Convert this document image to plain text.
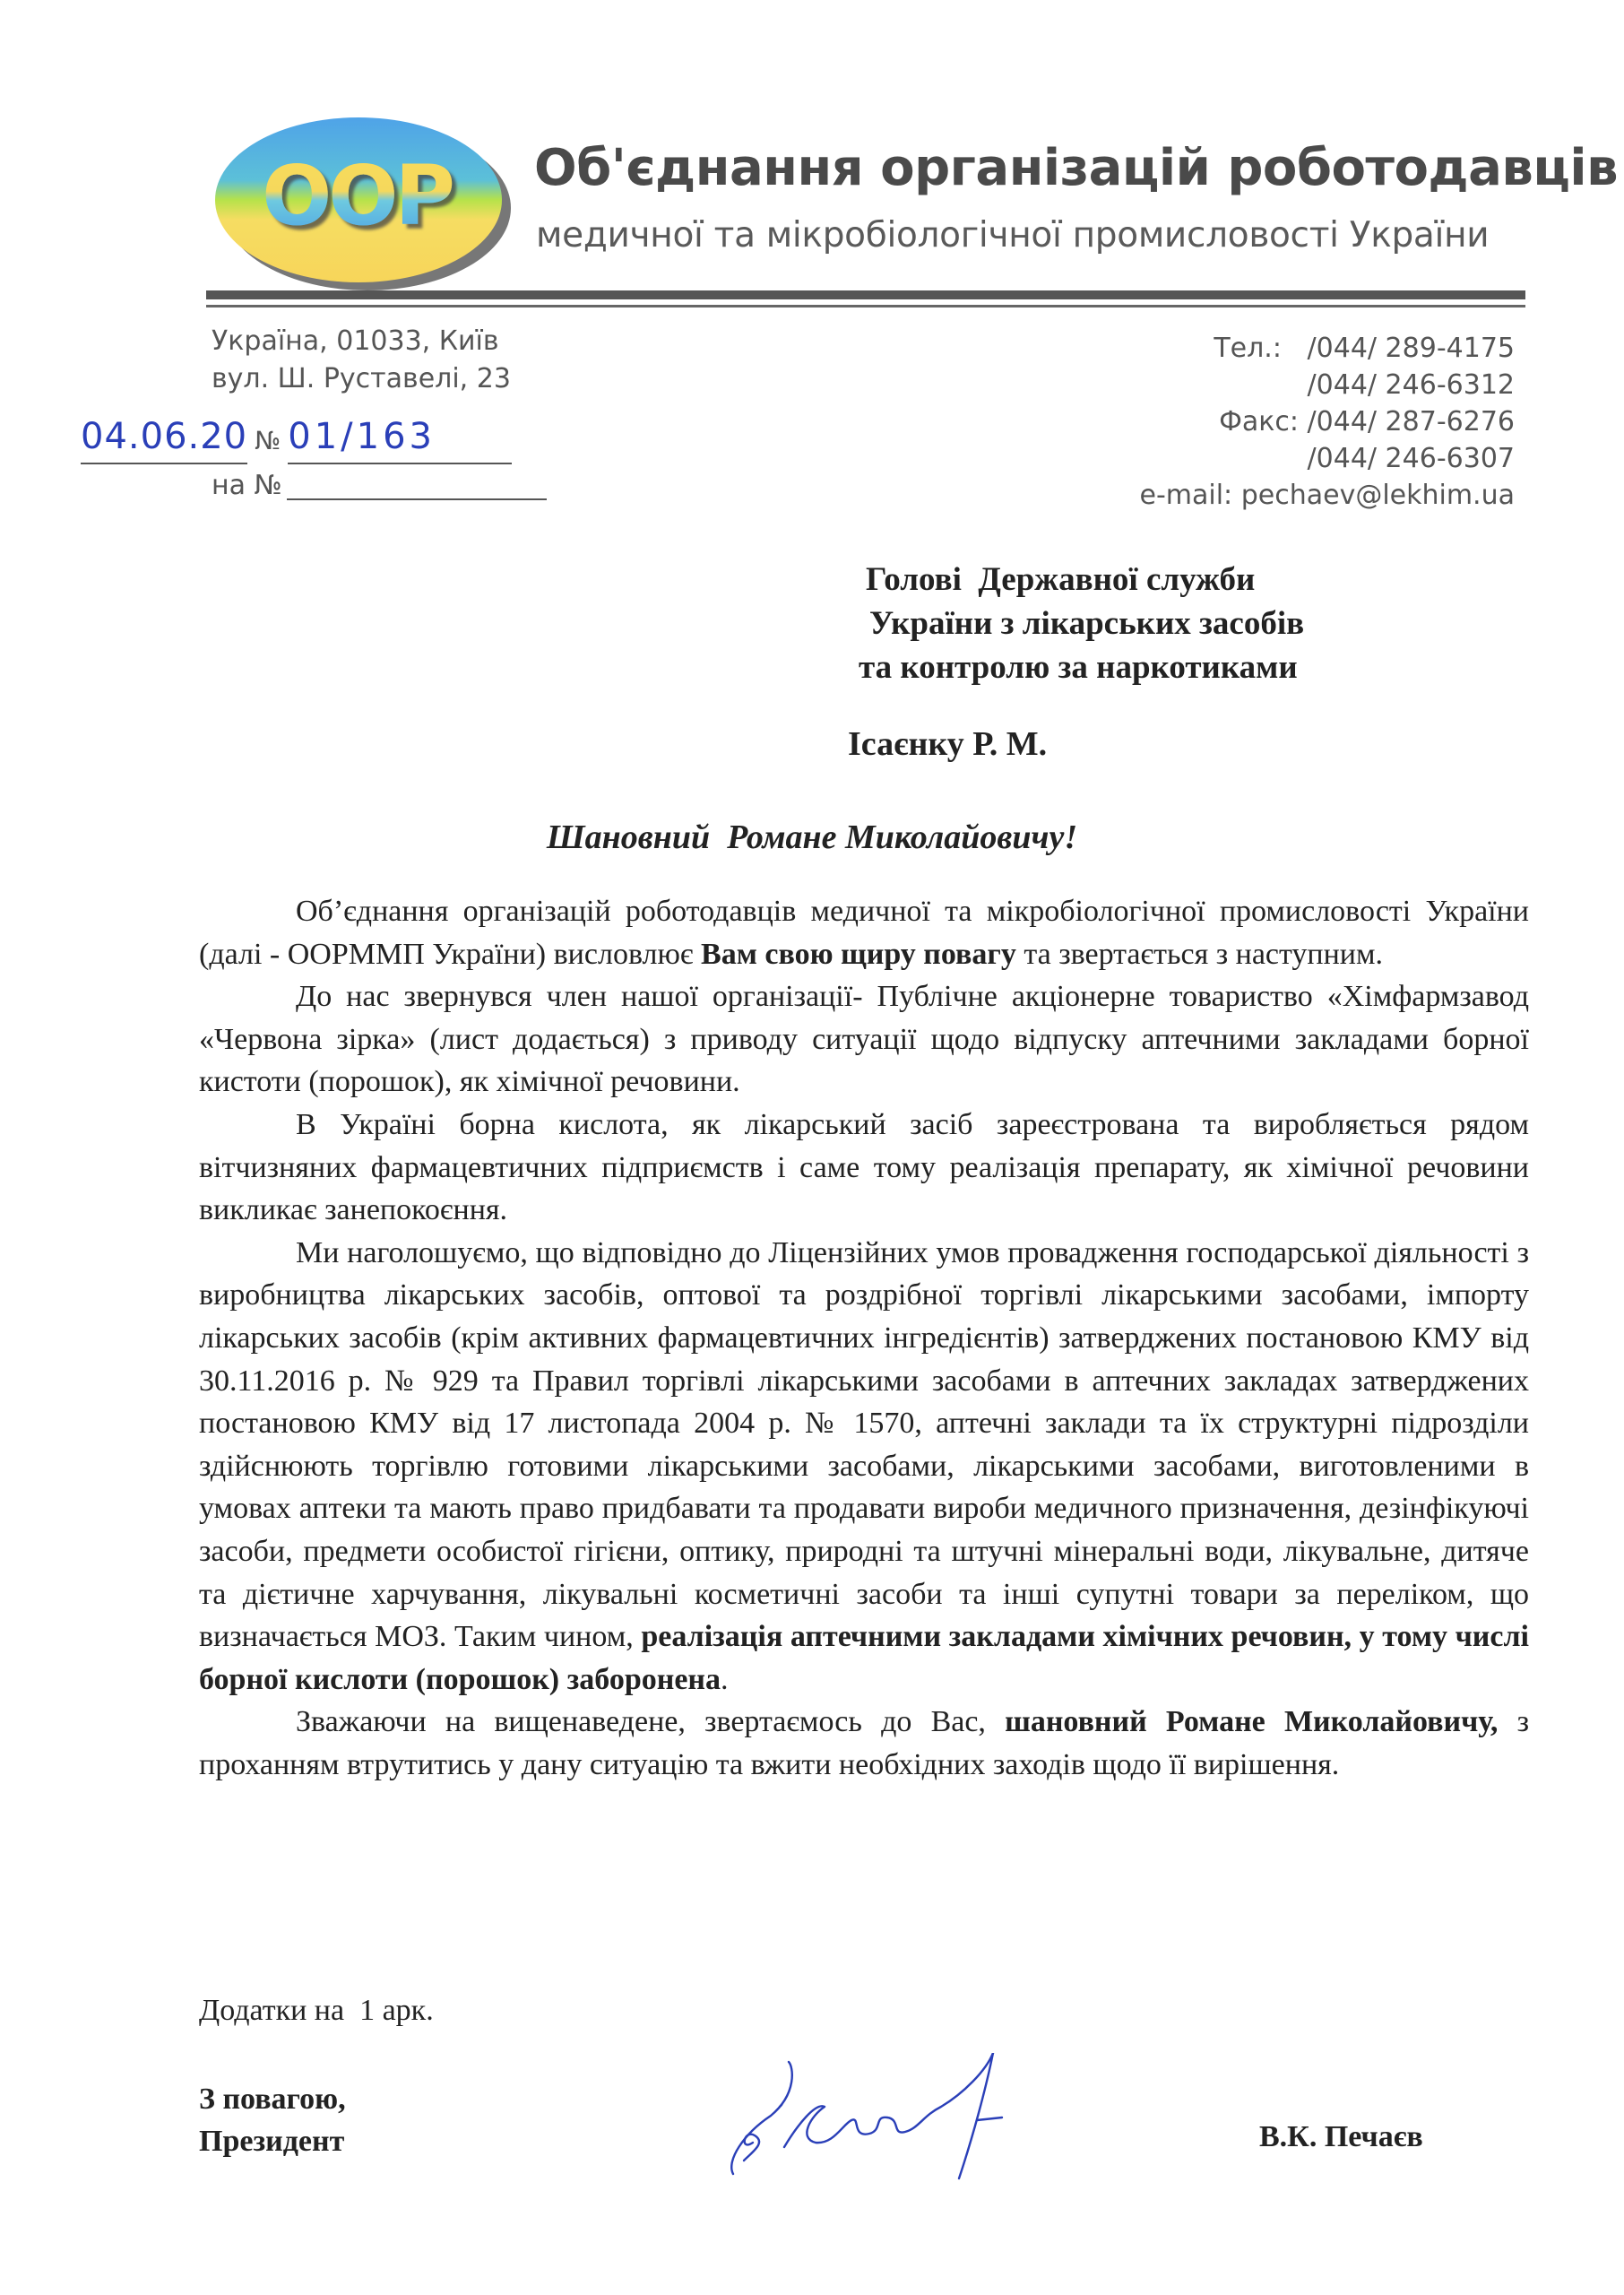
ООР Об'єднання організацій роботодавців
медичної та мікробіологічної промисловості України
Україна, 01033, Київ
вул. Ш. Руставелі, 23
04.06.20 № 01/163
на №
Тел.: /044/ 289-4175
/044/ 246-6312
Факс: /044/ 287-6276
/044/ 246-6307
e-mail: pechaev@lekhim.ua
Голові  Державної служби
України з лікарських засобів
та контролю за наркотиками
Ісаєнку Р. М.
Шановний Романе Миколайовичу!

Об’єднання організацій роботодавців медичної та мікробіологічної промисловості України (далі - ООРММП України) висловлює Вам свою щиру повагу та звертається з наступним.

До нас звернувся член нашої організації- Публічне акціонерне товариство «Хімфармзавод «Червона зірка» (лист додається) з приводу ситуації щодо відпуску аптечними закладами борної кистоти (порошок), як хімічної речовини.

В Україні борна кислота, як лікарський засіб зареєстрована та виробляється рядом вітчизняних фармацевтичних підприємств і саме тому реалізація препарату, як хімічної речовини викликає занепокоєння.

Ми наголошуємо, що відповідно до Ліцензійних умов провадження господарської діяльності з виробництва лікарських засобів, оптової та роздрібної торгівлі лікарськими засобами, імпорту лікарських засобів (крім активних фармацевтичних інгредієнтів) затверджених постановою КМУ від 30.11.2016 р. № 929 та Правил торгівлі лікарськими засобами в аптечних закладах затверджених постановою КМУ від 17 листопада 2004 р. № 1570, аптечні заклади та їх структурні підрозділи здійснюють торгівлю готовими лікарськими засобами, лікарськими засобами, виготовленими в умовах аптеки та мають право придбавати та продавати вироби медичного призначення, дезінфікуючі засоби, предмети особистої гігієни, оптику, природні та штучні мінеральні води, лікувальне, дитяче та дієтичне харчування, лікувальні косметичні засоби та інші супутні товари за переліком, що визначається МОЗ. Таким чином, реалізація аптечними закладами хімічних речовин, у тому числі борної кислоти (порошок) заборонена.

Зважаючи на вищенаведене, звертаємось до Вас, шановний Романе Миколайовичу, з проханням втрутитись у дану ситуацію та вжити необхідних заходів щодо її вирішення.

Додатки на  1 арк.
З повагою,
Президент	В.К. Печаєв
